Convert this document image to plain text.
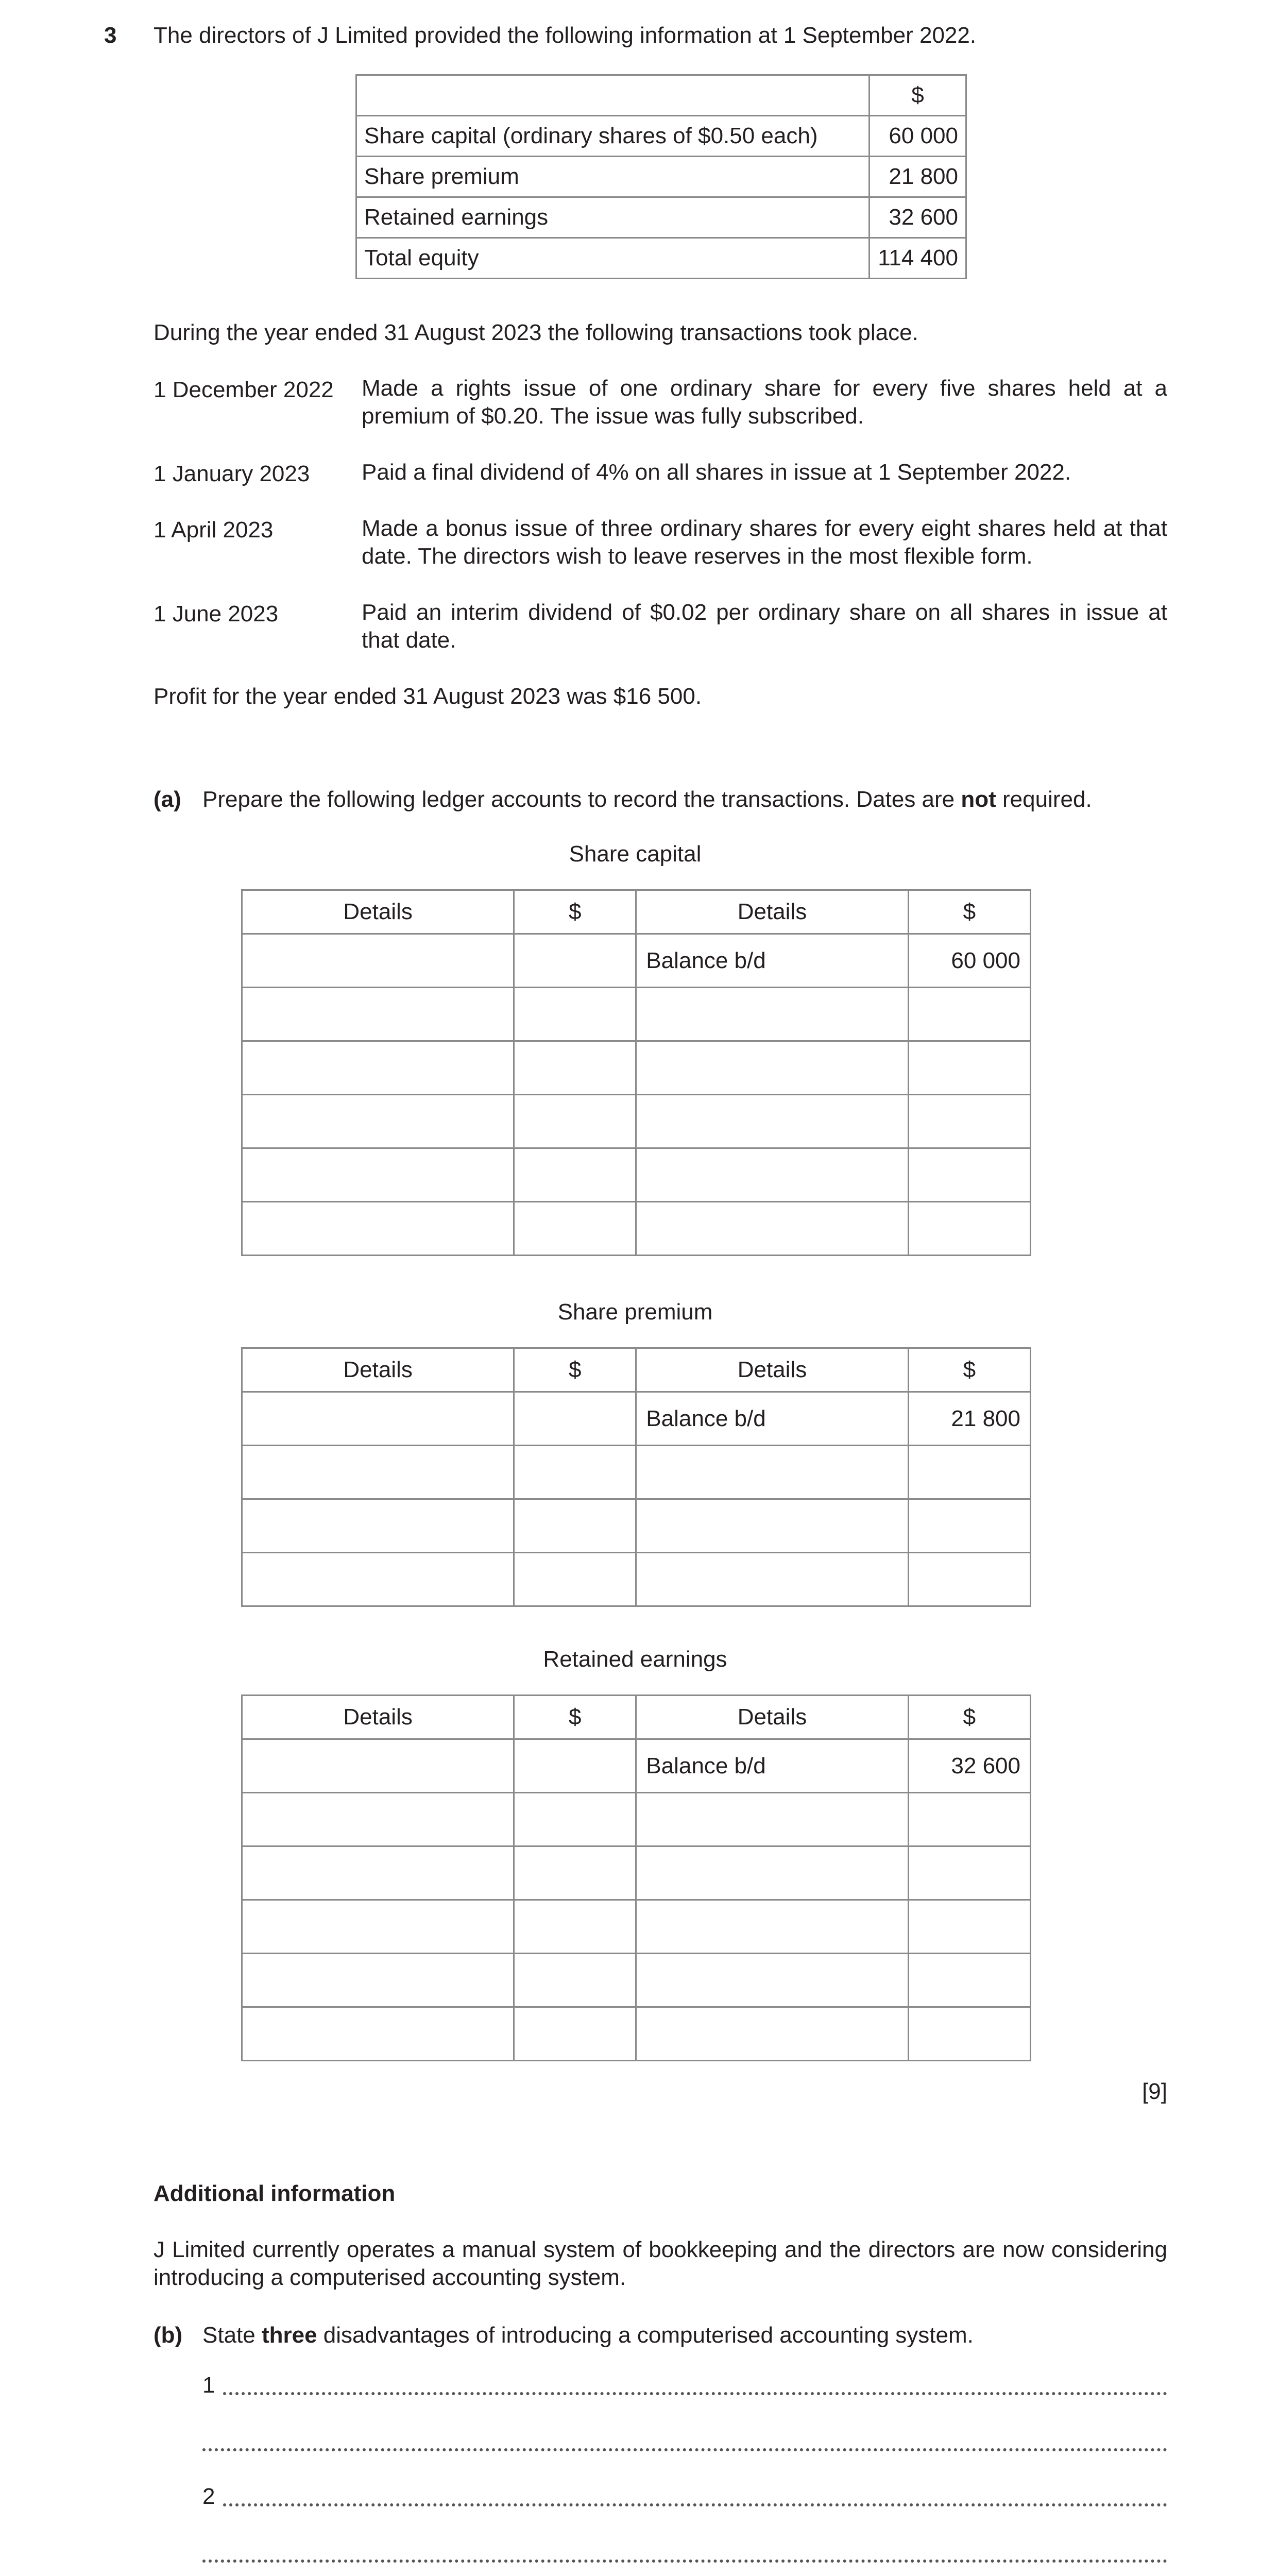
3 The directors of J Limited provided the following information at 1 September 2022.
	$
Share capital (ordinary shares of $0.50 each)	60 000
Share premium	21 800
Retained earnings	32 600
Total equity	114 400
During the year ended 31 August 2023 the following transactions took place.
1 December 2022 Made a rights issue of one ordinary share for every five shares held at a premium of $0.20. The issue was fully subscribed.
1 January 2023 Paid a final dividend of 4% on all shares in issue at 1 September 2022.
1 April 2023	Made a bonus issue of three ordinary shares for every eight shares held at that date. The directors wish to leave reserves in the most flexible form.
1 June 2023	Paid an interim dividend of $0.02 per ordinary share on all shares in issue at that date.
Profit for the year ended 31 August 2023 was $16 500.
(a) Prepare the following ledger accounts to record the transactions. Dates are not required.
Share capital
Details	$	Details	$
		Balance b/d	60 000

Share premium
Details	$	Details	$
		Balance b/d	21 800

Retained earnings
Details	$	Details	$
		Balance b/d	32 600

[9]
Additional information
J Limited currently operates a manual system of bookkeeping and the directors are now considering introducing a computerised accounting system.
(b) State three disadvantages of introducing a computerised accounting system.
1
2
